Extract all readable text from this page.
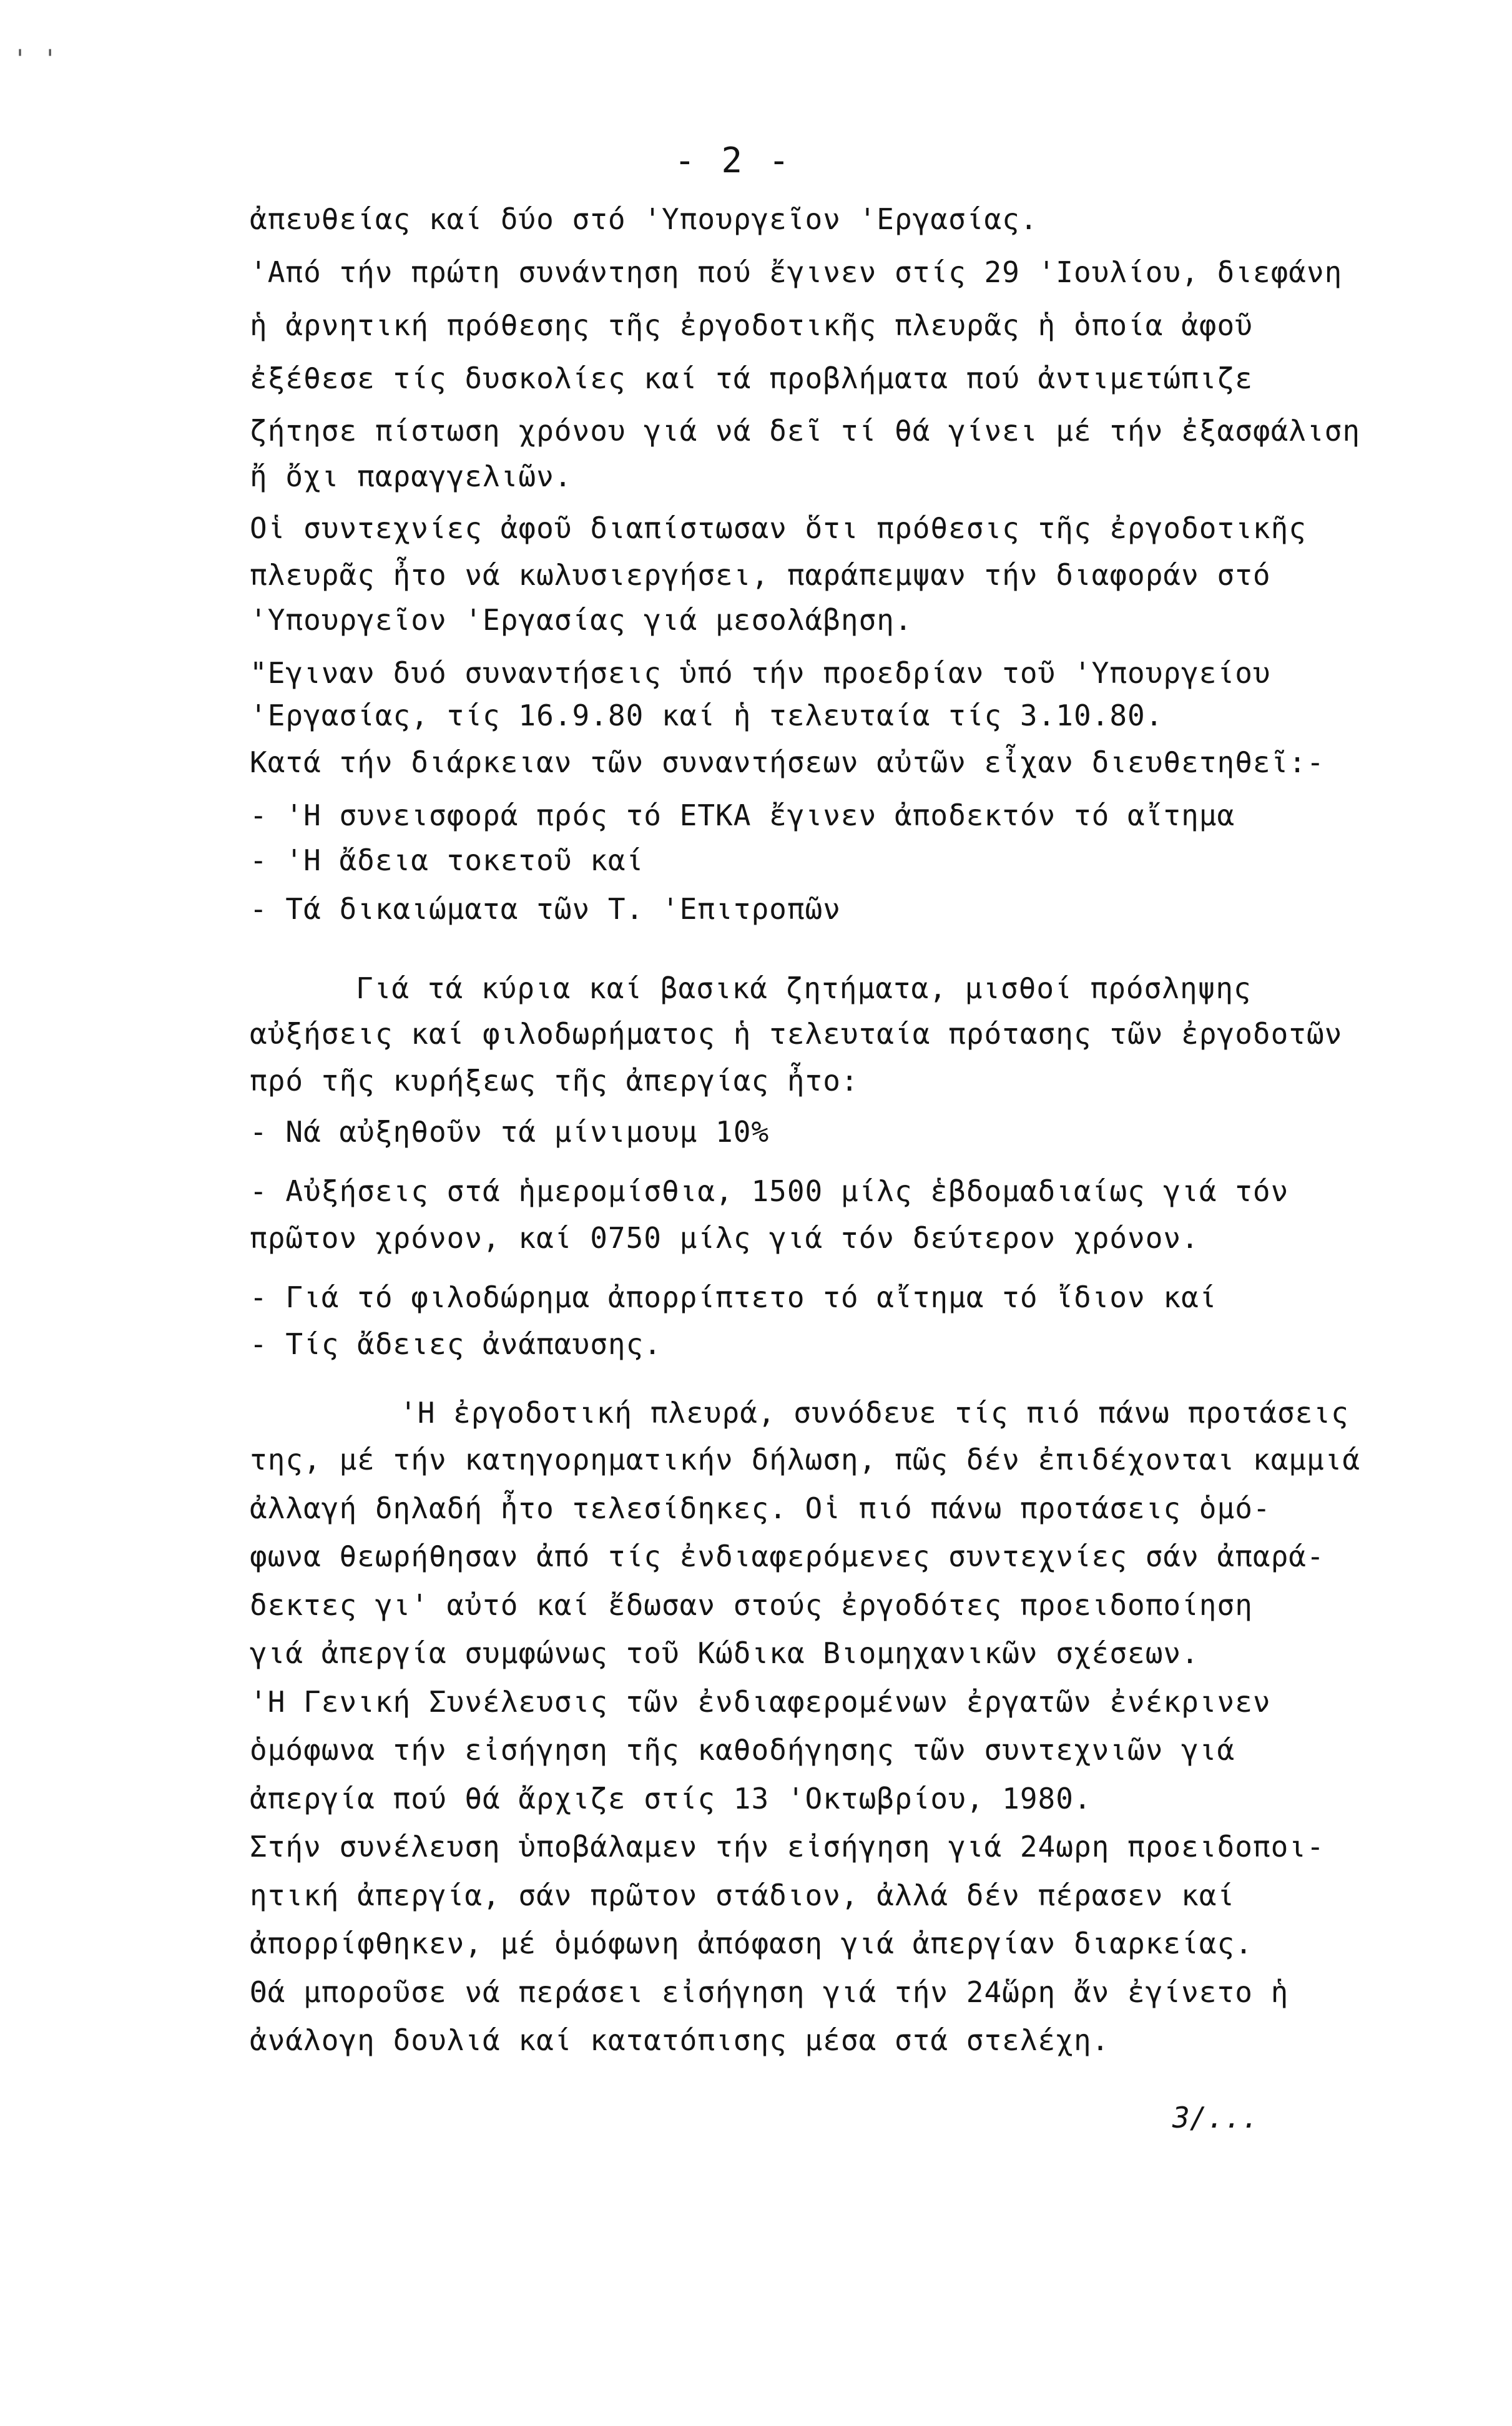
' '
- 2 -
ἀπευθείας καί δύο στό 'Υπουργεῖον 'Εργασίας.
'Από τήν πρώτη συνάντηση πού ἔγινεν στίς 29 'Ιουλίου, διεφάνη
ἡ ἀρνητική πρόθεσης τῆς ἐργοδοτικῆς πλευρᾶς ἡ ὁποία ἀφοῦ
ἐξέθεσε τίς δυσκολίες καί τά προβλήματα πού ἀντιμετώπιζε
ζήτησε πίστωση χρόνου γιά νά δεῖ τί θά γίνει μέ τήν ἐξασφάλιση
ἤ ὄχι παραγγελιῶν.
Οἱ συντεχνίες ἀφοῦ διαπίστωσαν ὅτι πρόθεσις τῆς ἐργοδοτικῆς
πλευρᾶς ἦτο νά κωλυσιεργήσει, παράπεμψαν τήν διαφοράν στό
'Υπουργεῖον 'Εργασίας γιά μεσολάβηση.
"Εγιναν δυό συναντήσεις ὑπό τήν προεδρίαν τοῦ 'Υπουργείου
'Εργασίας, τίς 16.9.80 καί ἡ τελευταία τίς 3.10.80.
Κατά τήν διάρκειαν τῶν συναντήσεων αὐτῶν εἶχαν διευθετηθεῖ:-
- 'Η συνεισφορά πρός τό ΕΤΚΑ ἔγινεν ἀποδεκτόν τό αἴτημα
- 'Η ἄδεια τοκετοῦ καί
- Τά δικαιώματα τῶν Τ. 'Επιτροπῶν
Γιά τά κύρια καί βασικά ζητήματα, μισθοί πρόσληψης
αὐξήσεις καί φιλοδωρήματος ἡ τελευταία πρότασης τῶν ἐργοδοτῶν
πρό τῆς κυρήξεως τῆς ἀπεργίας ἦτο:
- Νά αὐξηθοῦν τά μίνιμουμ 10%
- Αὐξήσεις στά ἡμερομίσθια, 1500 μίλς ἑβδομαδιαίως γιά τόν
πρῶτον χρόνον, καί 0750 μίλς γιά τόν δεύτερον χρόνον.
- Γιά τό φιλοδώρημα ἀπορρίπτετο τό αἴτημα τό ἴδιον καί
- Τίς ἄδειες ἀνάπαυσης.
'Η ἐργοδοτική πλευρά, συνόδευε τίς πιό πάνω προτάσεις
της, μέ τήν κατηγορηματικήν δήλωση, πῶς δέν ἐπιδέχονται καμμιά
ἀλλαγή δηλαδή ἦτο τελεσίδηκες. Οἱ πιό πάνω προτάσεις ὁμό-
φωνα θεωρήθησαν ἀπό τίς ἐνδιαφερόμενες συντεχνίες σάν ἀπαρά-
δεκτες γι' αὐτό καί ἔδωσαν στούς ἐργοδότες προειδοποίηση
γιά ἀπεργία συμφώνως τοῦ Κώδικα Βιομηχανικῶν σχέσεων.
'Η Γενική Συνέλευσις τῶν ἐνδιαφερομένων ἐργατῶν ἐνέκρινεν
ὁμόφωνα τήν εἰσήγηση τῆς καθοδήγησης τῶν συντεχνιῶν γιά
ἀπεργία πού θά ἄρχιζε στίς 13 'Οκτωβρίου, 1980.
Στήν συνέλευση ὑποβάλαμεν τήν εἰσήγηση γιά 24ωρη προειδοποι-
ητική ἀπεργία, σάν πρῶτον στάδιον, ἀλλά δέν πέρασεν καί
ἀπορρίφθηκεν, μέ ὁμόφωνη ἀπόφαση γιά ἀπεργίαν διαρκείας.
Θά μποροῦσε νά περάσει εἰσήγηση γιά τήν 24ὥρη ἄν ἐγίνετο ἡ
ἀνάλογη δουλιά καί κατατόπισης μέσα στά στελέχη.
3/...
